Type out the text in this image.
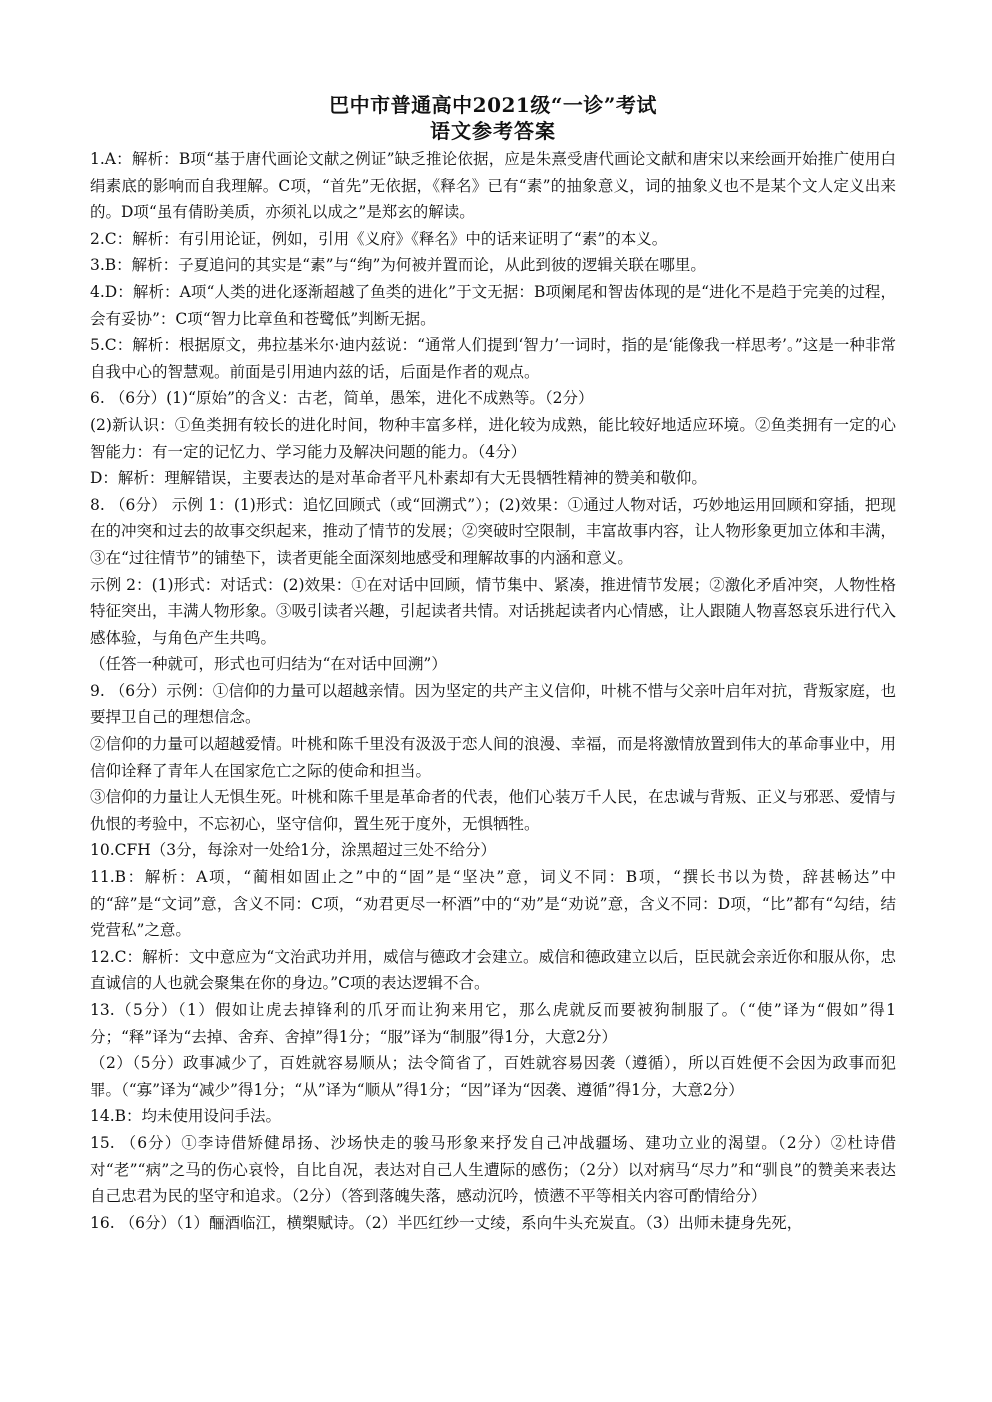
巴中市普通高中2021级“一诊”考试
语文参考答案

1.A：解析：B项“基于唐代画论文献之例证”缺乏推论依据，应是朱熹受唐代画论文献和唐宋以来绘画开始推广使用白绢素底的影响而自我理解。C项，“首先”无依据，《释名》已有“素”的抽象意义，词的抽象义也不是某个文人定义出来的。D项“虽有倩盼美质，亦须礼以成之”是郑玄的解读。

2.C：解析：有引用论证，例如，引用《义府》《释名》中的话来证明了“素”的本义。

3.B：解析：子夏追问的其实是“素”与“绚”为何被并置而论，从此到彼的逻辑关联在哪里。

4.D：解析：A项“人类的进化逐渐超越了鱼类的进化”于文无据：B项阑尾和智齿体现的是“进化不是趋于完美的过程，会有妥协”：C项“智力比章鱼和苍鹭低”判断无据。

5.C：解析：根据原文，弗拉基米尔·迪内兹说：“通常人们提到‘智力’一词时，指的是‘能像我一样思考’。”这是一种非常自我中心的智慧观。前面是引用迪内兹的话，后面是作者的观点。

6. （6分）(1)“原始”的含义：古老，简单，愚笨，进化不成熟等。（2分）

(2)新认识：①鱼类拥有较长的进化时间，物种丰富多样，进化较为成熟，能比较好地适应环境。②鱼类拥有一定的心智能力：有一定的记忆力、学习能力及解决问题的能力。（4分）

D：解析：理解错误，主要表达的是对革命者平凡朴素却有大无畏牺牲精神的赞美和敬仰。

8. （6分） 示例 1：(1)形式：追忆回顾式（或“回溯式”）；(2)效果：①通过人物对话，巧妙地运用回顾和穿插，把现在的冲突和过去的故事交织起来，推动了情节的发展；②突破时空限制，丰富故事内容，让人物形象更加立体和丰满，③在“过往情节”的铺垫下，读者更能全面深刻地感受和理解故事的内涵和意义。

示例 2：(1)形式：对话式：(2)效果：①在对话中回顾，情节集中、紧凑，推进情节发展；②激化矛盾冲突，人物性格特征突出，丰满人物形象。③吸引读者兴趣，引起读者共情。对话挑起读者内心情感，让人跟随人物喜怒哀乐进行代入感体验，与角色产生共鸣。

（任答一种就可，形式也可归结为“在对话中回溯”）

9. （6分）示例：①信仰的力量可以超越亲情。因为坚定的共产主义信仰，叶桃不惜与父亲叶启年对抗，背叛家庭，也要捍卫自己的理想信念。

②信仰的力量可以超越爱情。叶桃和陈千里没有汲汲于恋人间的浪漫、幸福，而是将激情放置到伟大的革命事业中，用信仰诠释了青年人在国家危亡之际的使命和担当。

③信仰的力量让人无惧生死。叶桃和陈千里是革命者的代表，他们心装万千人民，在忠诚与背叛、正义与邪恶、爱情与仇恨的考验中，不忘初心，坚守信仰，置生死于度外，无惧牺牲。

10.CFH（3分，每涂对一处给1分，涂黑超过三处不给分）

11.B：解析：A项，“蔺相如固止之”中的“固”是“坚决”意，词义不同：B项，“撰长书以为贽，辞甚畅达”中的“辞”是“文词”意，含义不同：C项，“劝君更尽一杯酒”中的“劝”是“劝说”意，含义不同：D项，“比”都有“勾结，结党营私”之意。

12.C：解析：文中意应为“文治武功并用，威信与德政才会建立。威信和德政建立以后，臣民就会亲近你和服从你，忠直诚信的人也就会聚集在你的身边。”C项的表达逻辑不合。

13.（5分）（1）假如让虎去掉锋利的爪牙而让狗来用它，那么虎就反而要被狗制服了。（“使”译为“假如”得1分；“释”译为“去掉、舍弃、舍掉”得1分；“服”译为“制服”得1分，大意2分）

（2）（5分）政事减少了，百姓就容易顺从；法令简省了，百姓就容易因袭（遵循），所以百姓便不会因为政事而犯罪。（“寡”译为“减少”得1分；“从”译为“顺从”得1分；“因”译为“因袭、遵循”得1分，大意2分）

14.B：均未使用设问手法。

15. （6分）①李诗借矫健昂扬、沙场快走的骏马形象来抒发自己冲战疆场、建功立业的渴望。（2分）②杜诗借对“老”“病”之马的伤心哀怜，自比自况，表达对自己人生遭际的感伤；（2分）以对病马“尽力”和“驯良”的赞美来表达自己忠君为民的坚守和追求。（2分）（答到落魄失落，感动沉吟，愤懑不平等相关内容可酌情给分）

16. （6分）（1）酾酒临江，横槊赋诗。（2）半匹红纱一丈绫，系向牛头充炭直。（3）出师未捷身先死，
